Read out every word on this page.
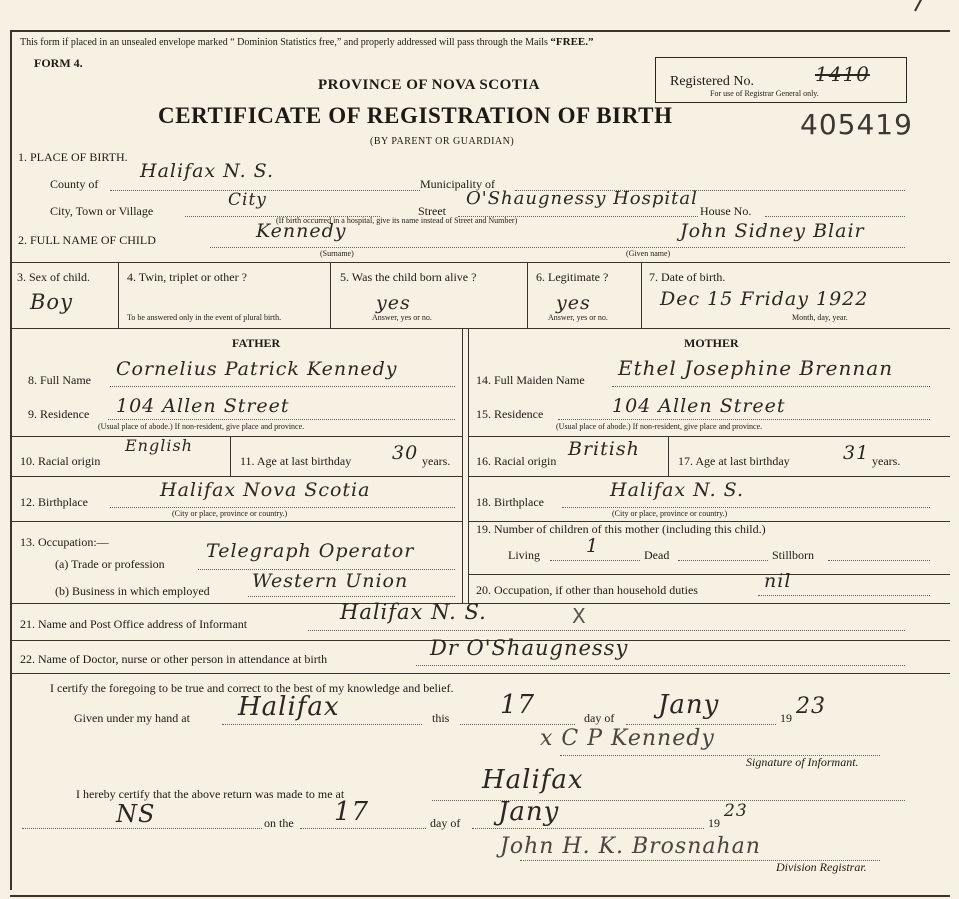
This form if placed in an unsealed envelope marked “ Dominion Statistics free,” and properly addressed will pass through the Mails “FREE.”
FORM 4.
PROVINCE OF NOVA SCOTIA
CERTIFICATE OF REGISTRATION OF BIRTH
(BY PARENT OR GUARDIAN)
Registered No.	1410
For use of Registrar General only.
405419
1. PLACE OF BIRTH.
County of
Halifax N. S.
Municipality of
City, Town or Village
City
Street
O'Shaugnessy Hospital
House No.
(If birth occurred in a hospital, give its name instead of Street and Number)
2. FULL NAME OF CHILD	Kennedy
(Surname)
John Sidney Blair
(Given name)
3. Sex of child.
Boy
4. Twin, triplet or other ?
To be answered only in the event of plural birth.
5. Was the child born alive ?
yes
Answer, yes or no.
6. Legitimate ?
yes
Answer, yes or no.
7. Date of birth.
Dec 15 Friday 1922
Month, day, year.
FATHER
8. Full Name Cornelius Patrick Kennedy
9. Residence 104 Allen Street
(Usual place of abode.) If non-resident, give place and province.
10. Racial origin
English
11. Age at last birthday 30 years.
12. Birthplace
Halifax Nova Scotia
(City or place, province or country.)
13. Occupation:—
(a) Trade or profession
Telegraph Operator
(b) Business in which employed Western Union
MOTHER
14. Full Maiden Name Ethel Josephine Brennan
15. Residence	104 Allen Street
(Usual place of abode.) If non-resident, give place and province.
16. Racial origin
British
17. Age at last birthday	31 years.
18. Birthplace
Halifax N. S.
(City or place, province or country.)
19. Number of children of this mother (including this child.)
Living 1	Dead	Stillborn
20. Occupation, if other than household duties	nil
21. Name and Post Office address of Informant	Halifax N. S.	X
22. Name of Doctor, nurse or other person in attendance at birth	Dr O'Shaugnessy
I certify the foregoing to be true and correct to the best of my knowledge and belief.
Given under my hand at Halifax	this 17	day of Jany	19 23
x C P Kennedy
Signature of Informant.
I hereby certify that the above return was made to me at	Halifax
NS	on the 17	day of Jany	19
23
John H. K. Brosnahan
Division Registrar.
